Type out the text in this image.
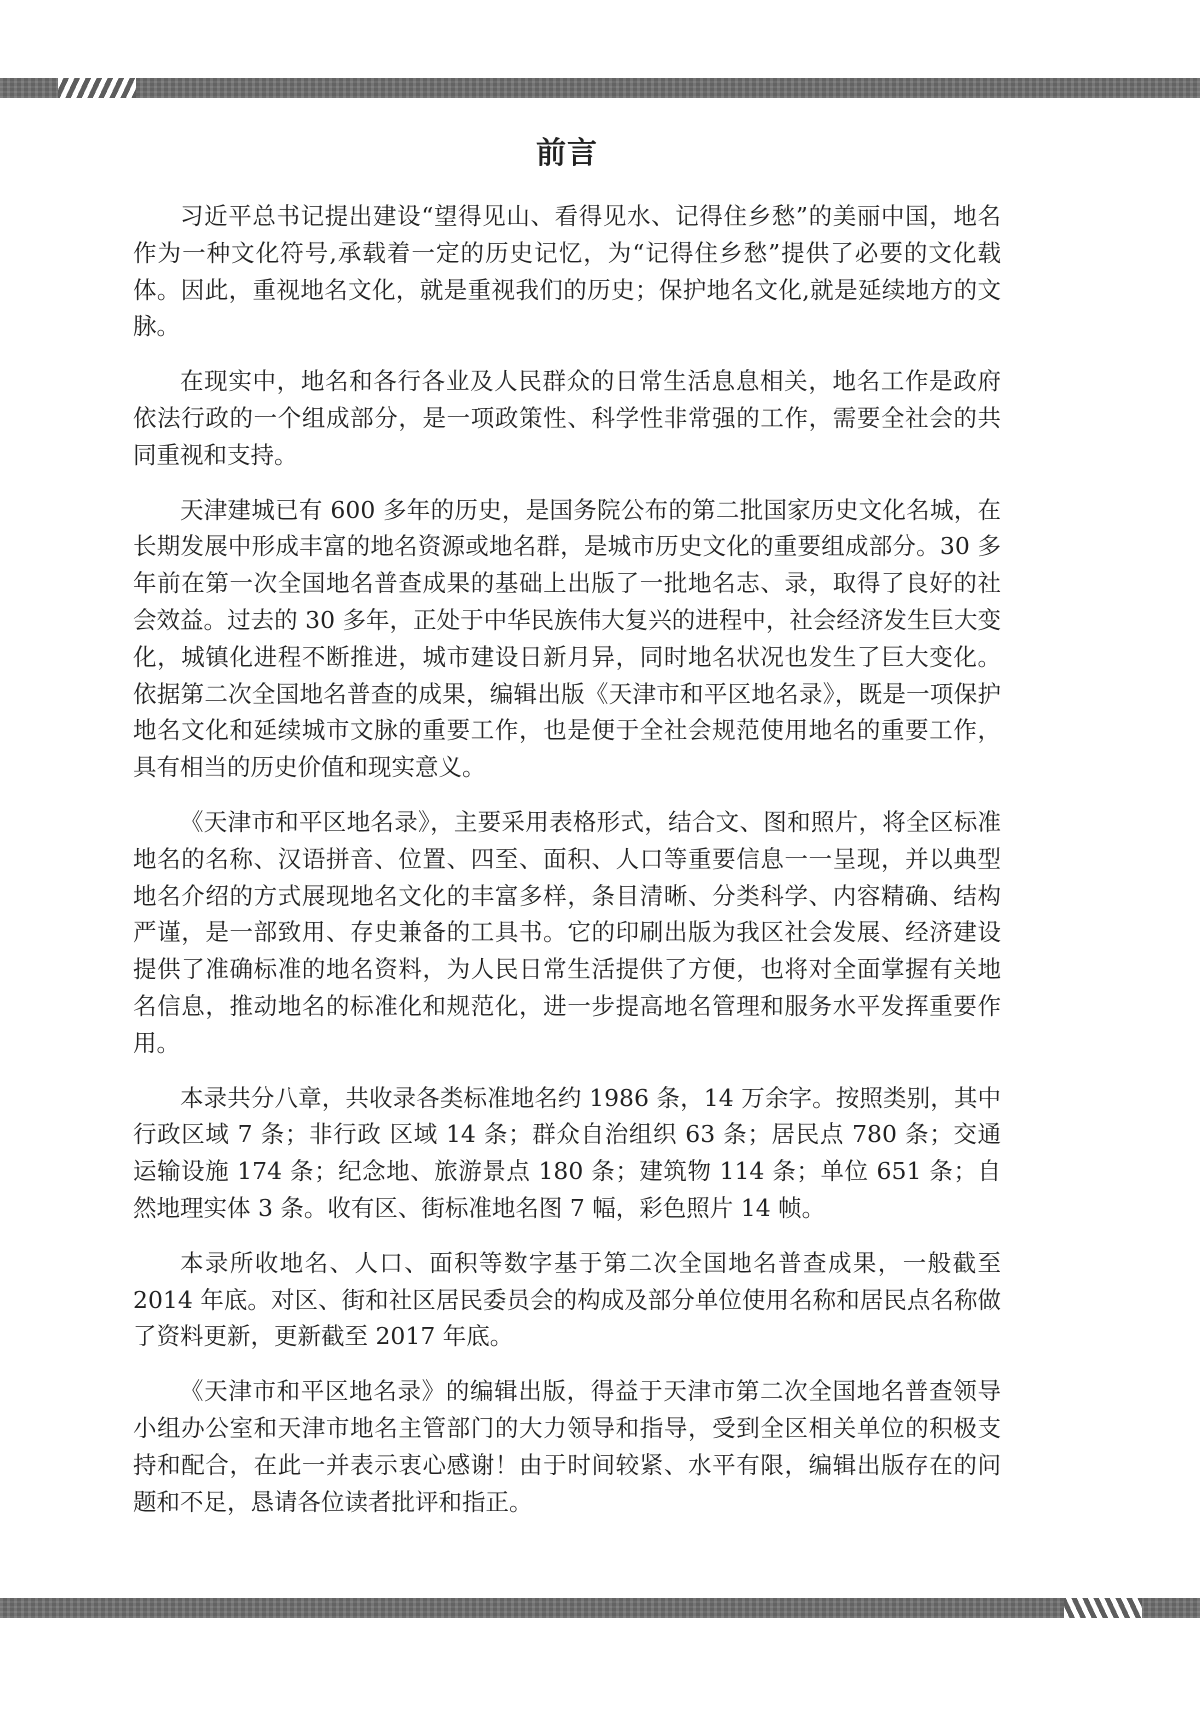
前言

习近平总书记提出建设“望得见山、看得见水、记得住乡愁”的美丽中国，地名作为一种文化符号,承载着一定的历史记忆，为“记得住乡愁”提供了必要的文化载体。因此，重视地名文化，就是重视我们的历史；保护地名文化,就是延续地方的文脉。

在现实中，地名和各行各业及人民群众的日常生活息息相关，地名工作是政府依法行政的一个组成部分，是一项政策性、科学性非常强的工作，需要全社会的共同重视和支持。

天津建城已有 600 多年的历史，是国务院公布的第二批国家历史文化名城，在长期发展中形成丰富的地名资源或地名群，是城市历史文化的重要组成部分。30 多年前在第一次全国地名普查成果的基础上出版了一批地名志、录，取得了良好的社会效益。过去的 30 多年，正处于中华民族伟大复兴的进程中，社会经济发生巨大变化，城镇化进程不断推进，城市建设日新月异，同时地名状况也发生了巨大变化。依据第二次全国地名普查的成果，编辑出版《天津市和平区地名录》，既是一项保护地名文化和延续城市文脉的重要工作，也是便于全社会规范使用地名的重要工作，具有相当的历史价值和现实意义。

《天津市和平区地名录》，主要采用表格形式，结合文、图和照片，将全区标准地名的名称、汉语拼音、位置、四至、面积、人口等重要信息一一呈现，并以典型地名介绍的方式展现地名文化的丰富多样，条目清晰、分类科学、内容精确、结构严谨，是一部致用、存史兼备的工具书。它的印刷出版为我区社会发展、经济建设提供了准确标准的地名资料，为人民日常生活提供了方便，也将对全面掌握有关地名信息，推动地名的标准化和规范化，进一步提高地名管理和服务水平发挥重要作用。

本录共分八章，共收录各类标准地名约 1986 条，14 万余字。按照类别，其中行政区域 7 条；非行政 区域 14 条；群众自治组织 63 条；居民点 780 条；交通运输设施 174 条；纪念地、旅游景点 180 条；建筑物 114 条；单位 651 条；自然地理实体 3 条。收有区、街标准地名图 7 幅，彩色照片 14 帧。

本录所收地名、人口、面积等数字基于第二次全国地名普查成果，一般截至 2014 年底。对区、街和社区居民委员会的构成及部分单位使用名称和居民点名称做了资料更新，更新截至 2017 年底。

《天津市和平区地名录》的编辑出版，得益于天津市第二次全国地名普查领导小组办公室和天津市地名主管部门的大力领导和指导，受到全区相关单位的积极支持和配合，在此一并表示衷心感谢！由于时间较紧、水平有限，编辑出版存在的问题和不足，恳请各位读者批评和指正。
